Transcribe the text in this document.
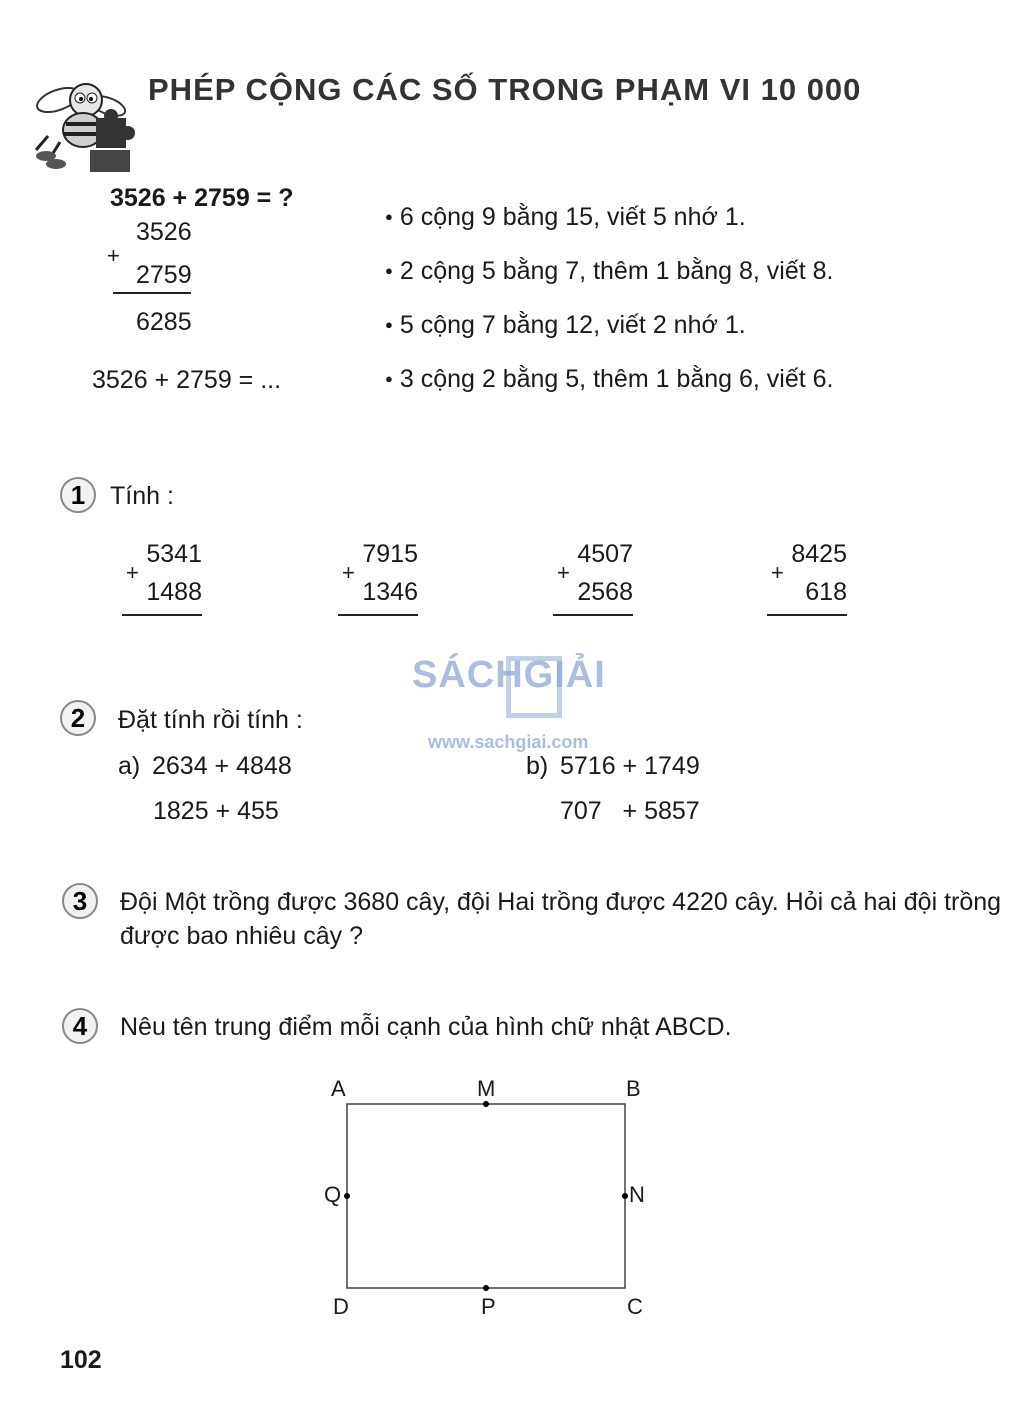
PHÉP CỘNG CÁC SỐ TRONG PHẠM VI 10 000
3526 + 2759 = ?
3526
+
2759
6285
3526 + 2759 = ...
● 6 cộng 9 bằng 15, viết 5 nhớ 1.
● 2 cộng 5 bằng 7, thêm 1 bằng 8, viết 8.
● 5 cộng 7 bằng 12, viết 2 nhớ 1.
● 3 cộng 2 bằng 5, thêm 1 bằng 6, viết 6.
1 Tính :
5341
+
1488
7915
+
1346
4507
+
2568
8425
+
618
SÁCHGIẢI
www.sachgiai.com
2	Đặt tính rồi tính :
a) 2634 + 4848
1825 + 455
b) 5716 + 1749
707   + 5857
3	Đội Một trồng được 3680 cây, đội Hai trồng được 4220 cây. Hỏi cả hai đội trồng
được bao nhiêu cây ?
4	Nêu tên trung điểm mỗi cạnh của hình chữ nhật ABCD.
A	M	B
Q	N
D	P	C
102
